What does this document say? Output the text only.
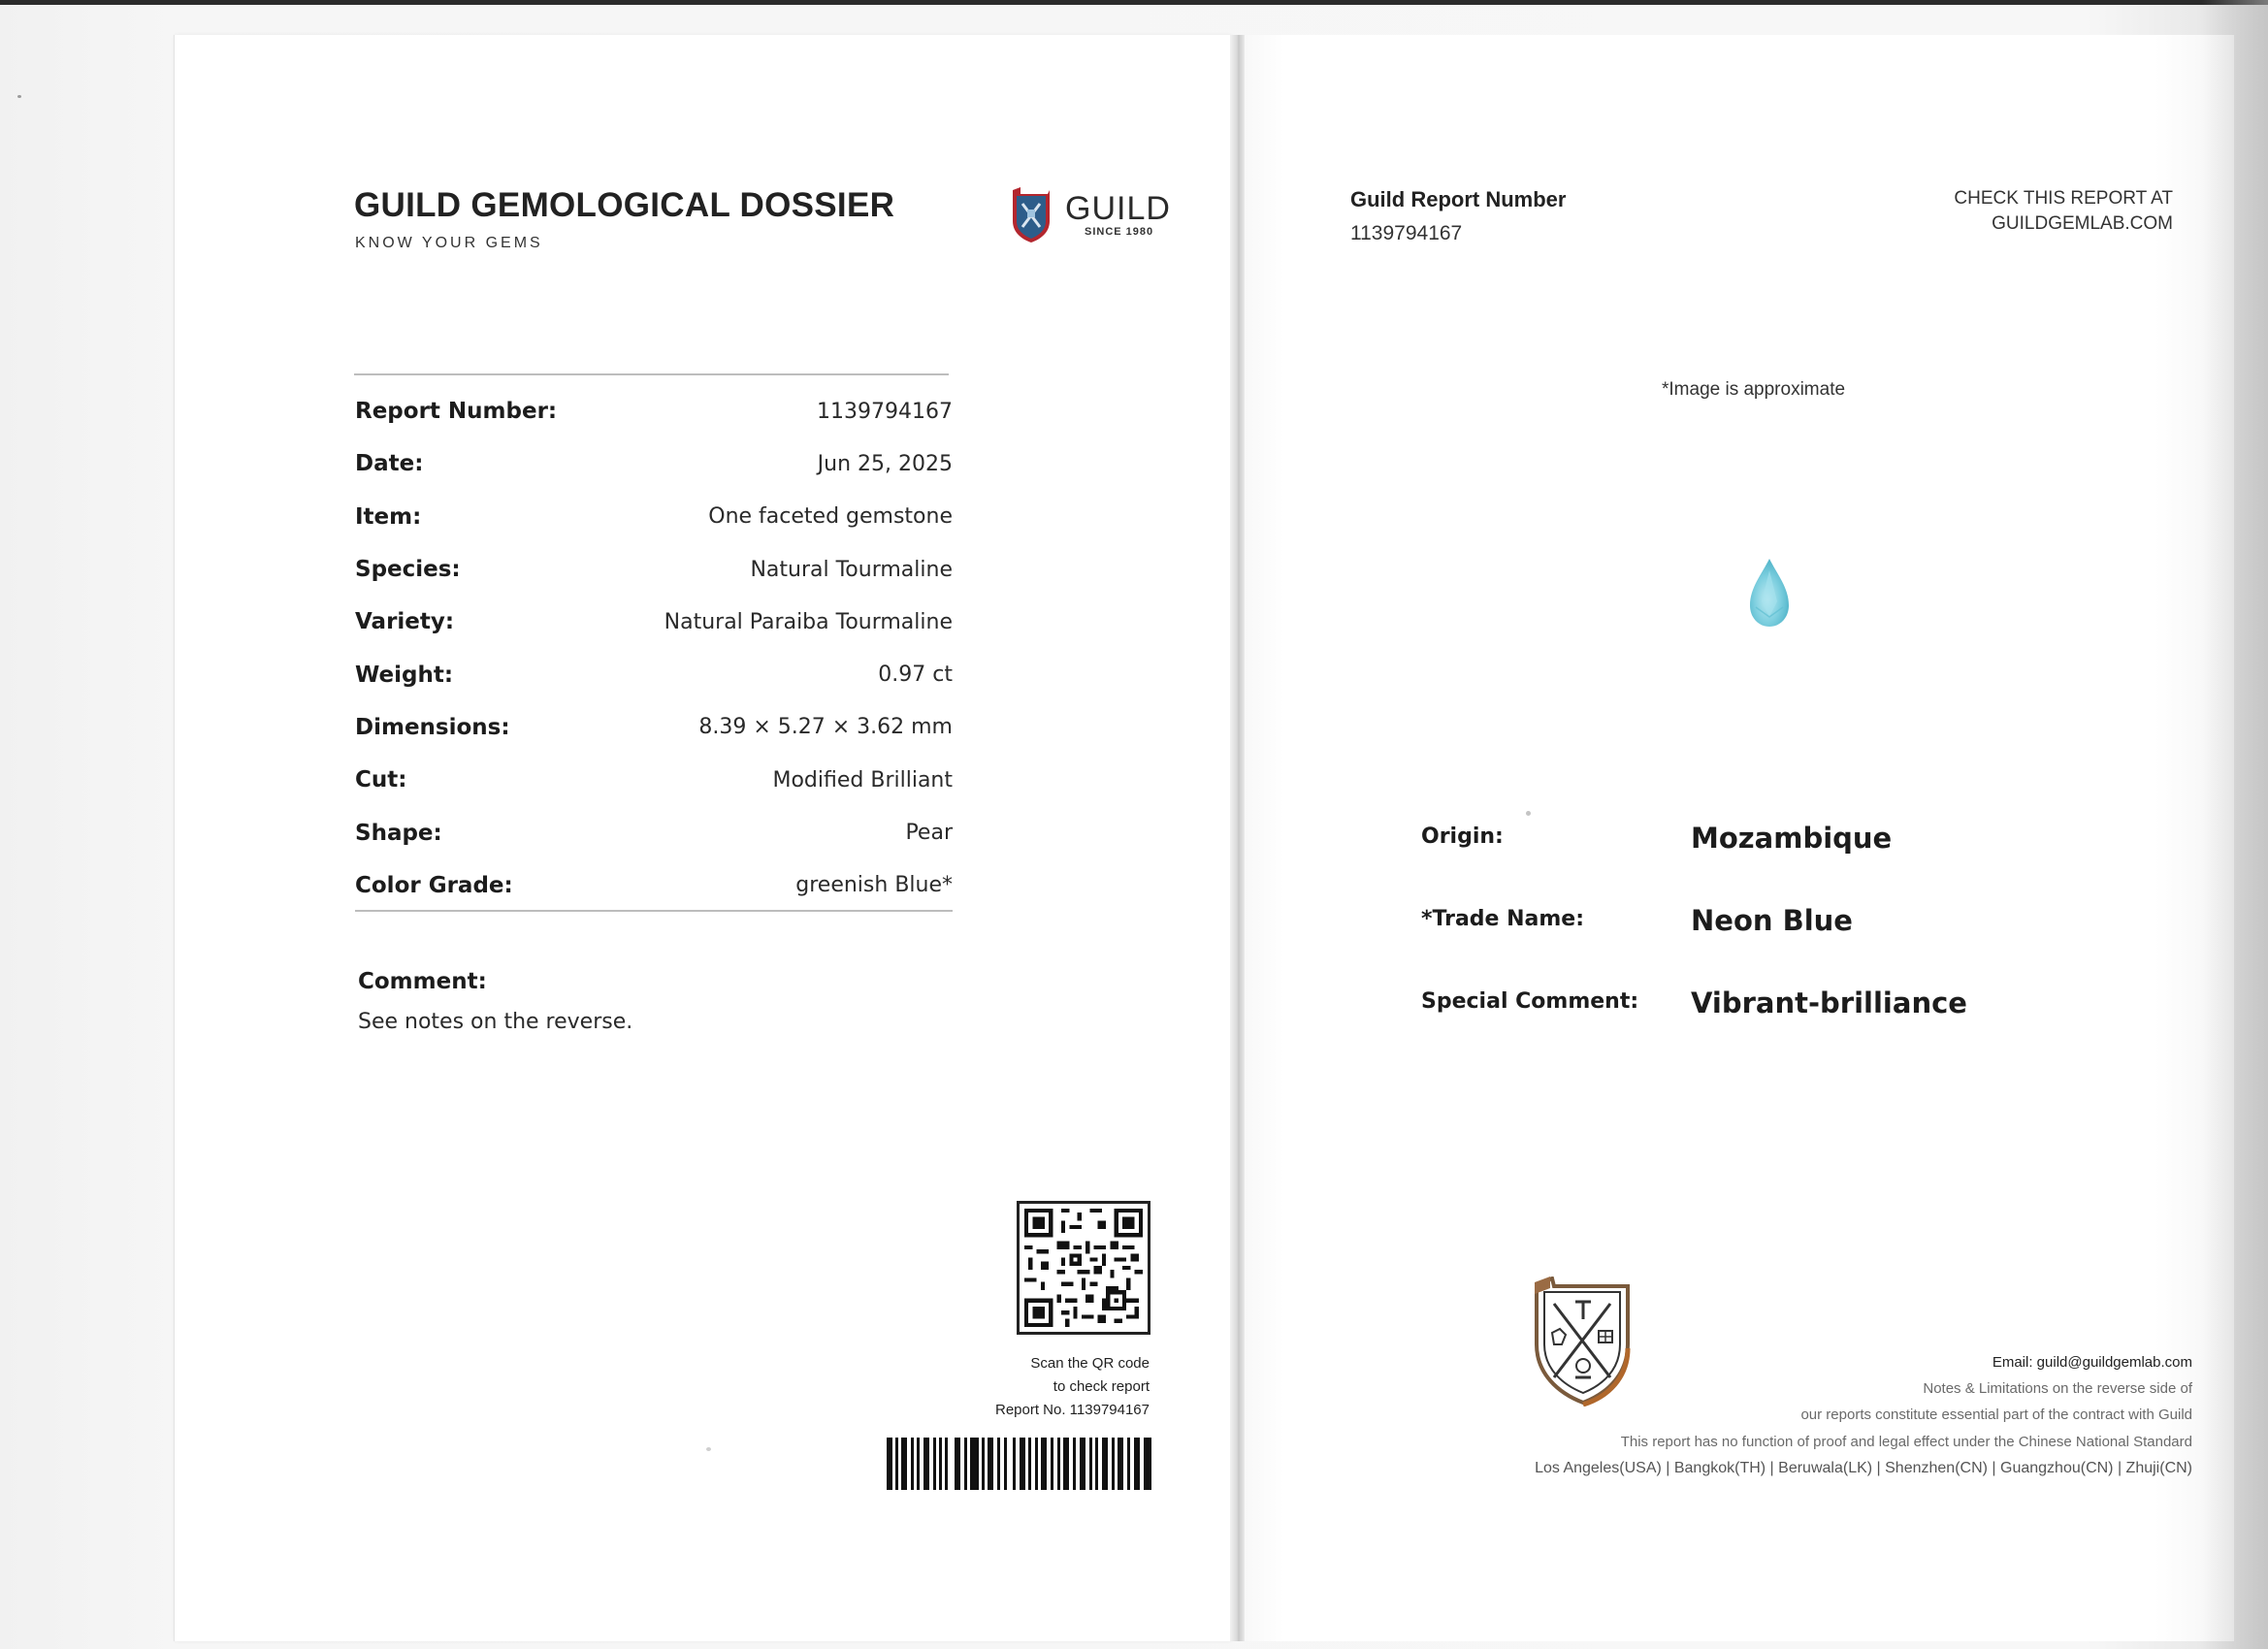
GUILD GEMOLOGICAL DOSSIER
KNOW YOUR GEMS
GUILD
SINCE 1980
Report Number:	1139794167
Date:	Jun 25, 2025
Item:	One faceted gemstone
Species:	Natural Tourmaline
Variety:	Natural Paraiba Tourmaline
Weight:	0.97 ct
Dimensions:	8.39 × 5.27 × 3.62 mm
Cut:	Modified Brilliant
Shape:	Pear
Color Grade:	greenish Blue*
Comment:
See notes on the reverse.
Scan the QR code
to check report
Report No. 1139794167
Guild Report Number
1139794167
CHECK THIS REPORT AT
GUILDGEMLAB.COM
*Image is approximate
Origin:	Mozambique
*Trade Name:	Neon Blue
Special Comment: Vibrant-brilliance
Email: guild@guildgemlab.com
Notes & Limitations on the reverse side of
our reports constitute essential part of the contract with Guild
This report has no function of proof and legal effect under the Chinese National Standard
Los Angeles(USA) | Bangkok(TH) | Beruwala(LK) | Shenzhen(CN) | Guangzhou(CN) | Zhuji(CN)
